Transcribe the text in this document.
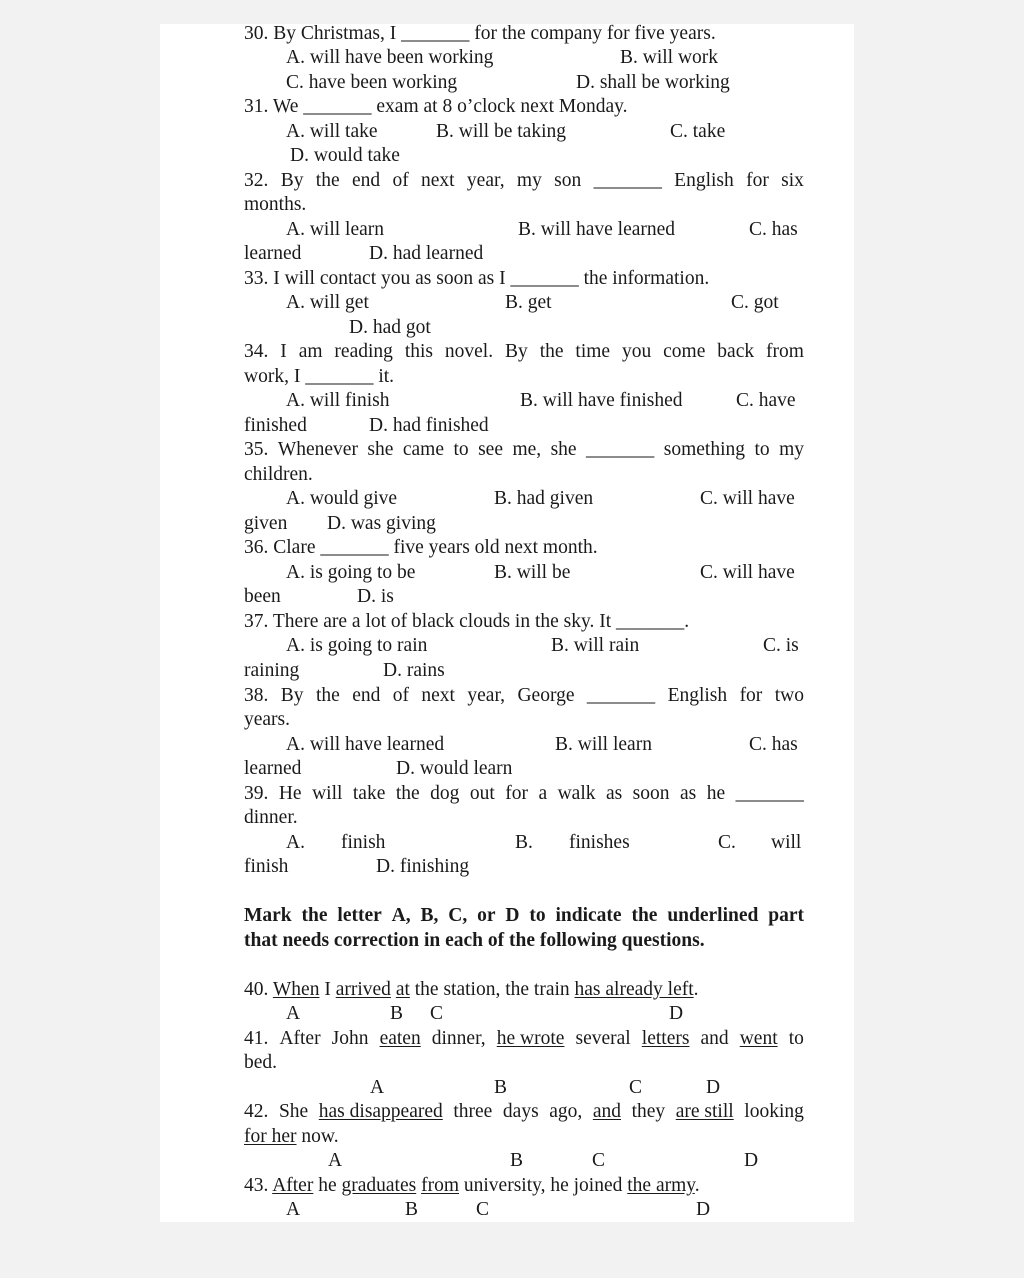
30. By Christmas, I _______ for the company for five years.
A. will have been working	B. will work
C. have been working	D. shall be working
31. We _______ exam at 8 o’clock next Monday.
A. will take	B. will be taking	C. take
D. would take
32. By the end of next year, my son _______ English for six
months.
A. will learn	B. will have learned	C. has
learned	D. had learned
33. I will contact you as soon as I _______ the information.
A. will get	B. get	C. got
D. had got
34. I am reading this novel. By the time you come back from
work, I _______ it.
A. will finish	B. will have finished	C. have
finished	D. had finished
35. Whenever she came to see me, she _______ something to my
children.
A. would give	B. had given	C. will have
given D. was giving
36. Clare _______ five years old next month.
A. is going to be	B. will be	C. will have
been	D. is
37. There are a lot of black clouds in the sky. It _______.
A. is going to rain	B. will rain	C. is
raining	D. rains
38. By the end of next year, George _______ English for two
years.
A. will have learned	B. will learn	C. has
learned	D. would learn
39. He will take the dog out for a walk as soon as he _______
dinner.
A. finish	B. finishes	C. will
finish	D. finishing
Mark the letter A, B, C, or D to indicate the underlined part
that needs correction in each of the following questions.
40. When I arrived at the station, the train has already left.
A	B C	D
41. After John eaten dinner, he wrote several letters and went to
bed.
A	B	C	D
42. She has disappeared three days ago, and they are still looking
for her now.
A	B	C	D
43. After he graduates from university, he joined the army.
A	B	C	D
